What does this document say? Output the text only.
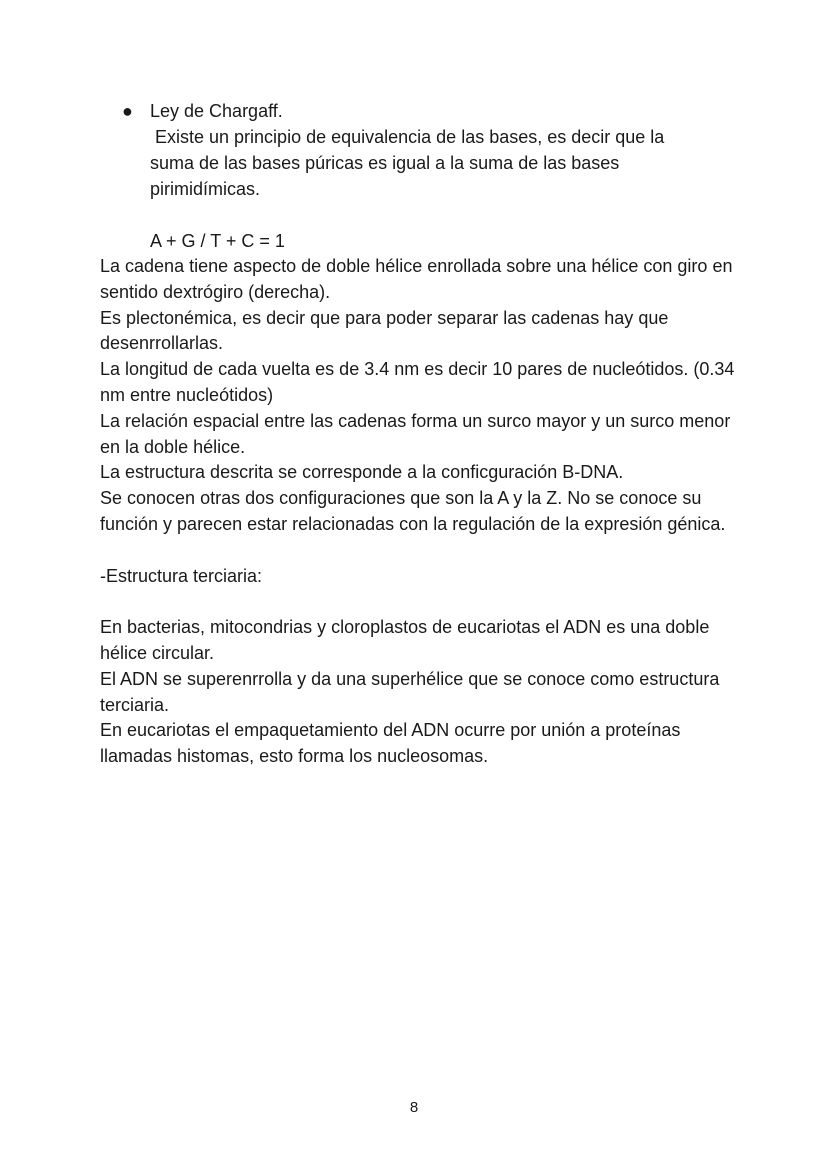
● Ley de Chargaff.

Existe un principio de equivalencia de las bases, es decir que la suma de las bases púricas es igual a la suma de las bases pirimidímicas.

A + G / T + C = 1

La cadena tiene aspecto de doble hélice enrollada sobre una hélice con giro en sentido dextrógiro (derecha).

Es plectonémica, es decir que para poder separar las cadenas hay que desenrrollarlas.

La longitud de cada vuelta es de 3.4 nm es decir 10 pares de nucleótidos. (0.34 nm entre nucleótidos)

La relación espacial entre las cadenas forma un surco mayor y un surco menor en la doble hélice.

La estructura descrita se corresponde a la conficguración B-DNA.

Se conocen otras dos configuraciones que son la A y la Z. No se conoce su función y parecen estar relacionadas con la regulación de la expresión génica.

-Estructura terciaria:

En bacterias, mitocondrias y cloroplastos de eucariotas el ADN es una doble hélice circular.

El ADN se superenrrolla y da una superhélice que se conoce como estructura terciaria.

En eucariotas el empaquetamiento del ADN ocurre por unión a proteínas llamadas histomas, esto forma los nucleosomas.

8
